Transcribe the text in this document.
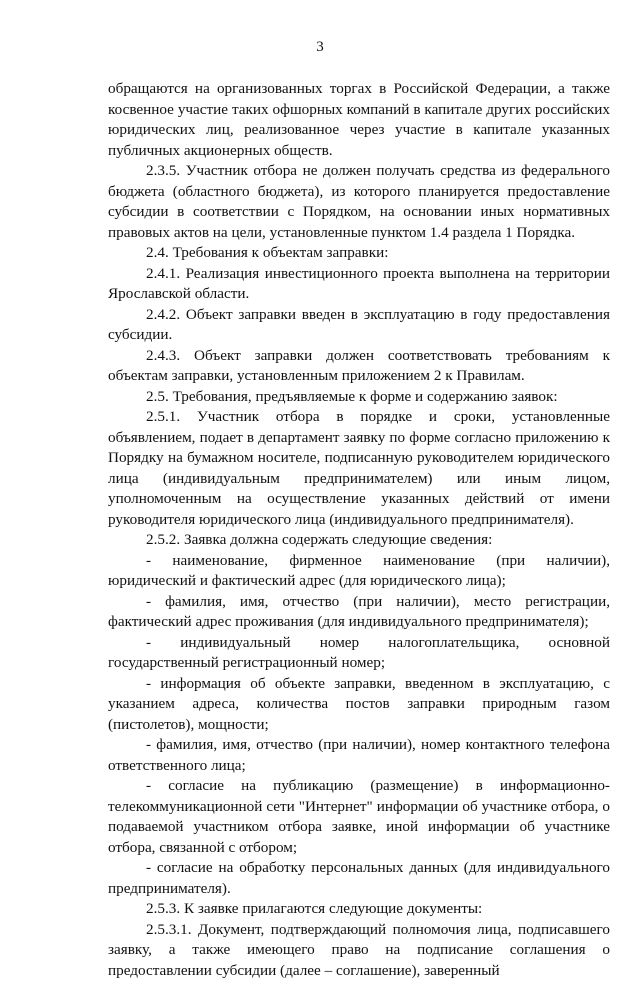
3

обращаются на организованных торгах в Российской Федерации, а также косвенное участие таких офшорных компаний в капитале других российских юридических лиц, реализованное через участие в капитале указанных публичных акционерных обществ.

2.3.5. Участник отбора не должен получать средства из федерального бюджета (областного бюджета), из которого планируется предоставление субсидии в соответствии с Порядком, на основании иных нормативных правовых актов на цели, установленные пунктом 1.4 раздела 1 Порядка.

2.4. Требования к объектам заправки:

2.4.1. Реализация инвестиционного проекта выполнена на территории Ярославской области.

2.4.2. Объект заправки введен в эксплуатацию в году предоставления субсидии.

2.4.3. Объект заправки должен соответствовать требованиям к объектам заправки, установленным приложением 2 к Правилам.

2.5. Требования, предъявляемые к форме и содержанию заявок:

2.5.1. Участник отбора в порядке и сроки, установленные объявлением, подает в департамент заявку по форме согласно приложению к Порядку на бумажном носителе, подписанную руководителем юридического лица (индивидуальным предпринимателем) или иным лицом, уполномоченным на осуществление указанных действий от имени руководителя юридического лица (индивидуального предпринимателя).

2.5.2. Заявка должна содержать следующие сведения:

- наименование, фирменное наименование (при наличии), юридический и фактический адрес (для юридического лица);

- фамилия, имя, отчество (при наличии), место регистрации, фактический адрес проживания (для индивидуального предпринимателя);

- индивидуальный номер налогоплательщика, основной государственный регистрационный номер;

- информация об объекте заправки, введенном в эксплуатацию, с указанием адреса, количества постов заправки природным газом (пистолетов), мощности;

- фамилия, имя, отчество (при наличии), номер контактного телефона ответственного лица;

- согласие на публикацию (размещение) в информационно-телекоммуникационной сети "Интернет" информации об участнике отбора, о подаваемой участником отбора заявке, иной информации об участнике отбора, связанной с отбором;

- согласие на обработку персональных данных (для индивидуального предпринимателя).

2.5.3. К заявке прилагаются следующие документы:

2.5.3.1. Документ, подтверждающий полномочия лица, подписавшего заявку, а также имеющего право на подписание соглашения о предоставлении субсидии (далее – соглашение), заверенный
